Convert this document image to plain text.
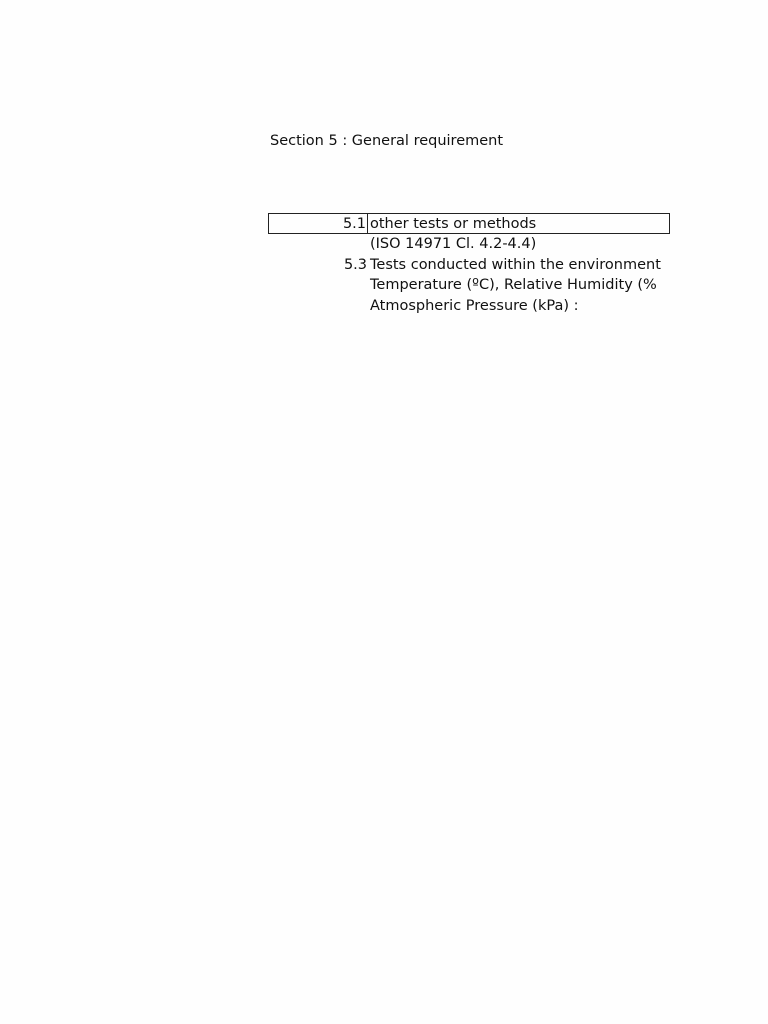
Section 5 : General requirement
5.1 other tests or methods
(ISO 14971 Cl. 4.2-4.4)
5.3 Tests conducted within the environment
Temperature (ºC), Relative Humidity (%
Atmospheric Pressure (kPa) :
